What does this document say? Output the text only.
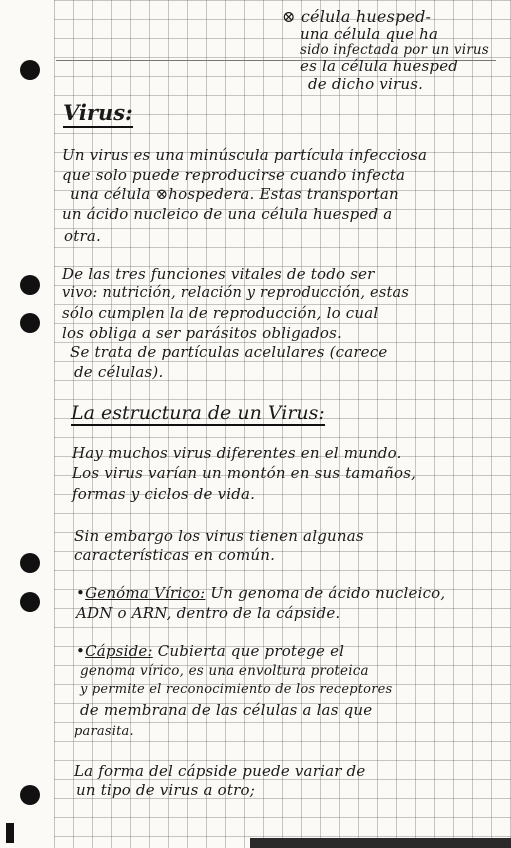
⊗ célula huesped-
una célula que ha
sido infectada por un virus
es la célula huesped
de dicho virus.
Virus:
Un virus es una minúscula partícula infecciosa
que solo puede reproducirse cuando infecta
una célula ⊗hospedera. Estas transportan
un ácido nucleico de una célula huesped a
otra.
De las tres funciones vitales de todo ser
vivo: nutrición, relación y reproducción, estas
sólo cumplen la de reproducción, lo cual
los obliga a ser parásitos obligados.
Se trata de partículas acelulares (carece
de células).
La estructura de un Virus:
Hay muchos virus diferentes en el mundo.
Los virus varían un montón en sus tamaños,
formas y ciclos de vida.
Sin embargo los virus tienen algunas
características en común.
•Genóma Vírico: Un genoma de ácido nucleico,
ADN o ARN, dentro de la cápside.
•Cápside: Cubierta que protege el
genoma vírico, es una envoltura proteica
y permite el reconocimiento de los receptores
de membrana de las células a las que
parasita.
La forma del cápside puede variar de
un tipo de virus a otro;
